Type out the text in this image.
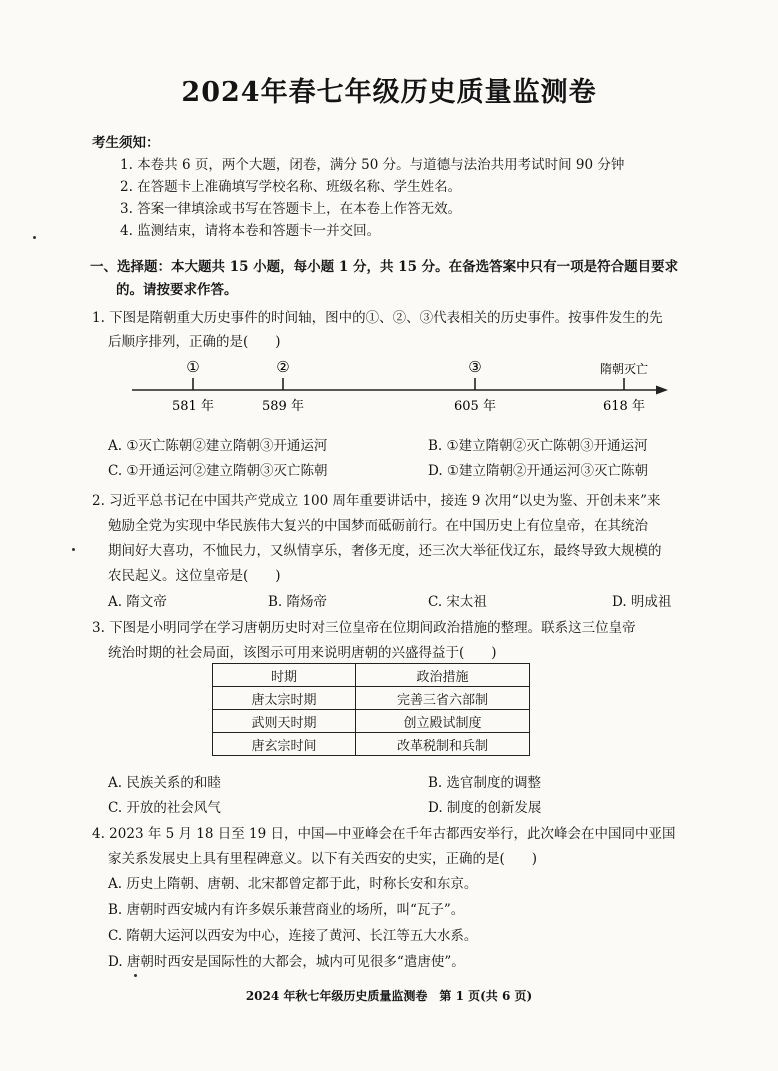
2024年春七年级历史质量监测卷
考生须知：
1. 本卷共 6 页，两个大题，闭卷，满分 50 分。与道德与法治共用考试时间 90 分钟
2. 在答题卡上准确填写学校名称、班级名称、学生姓名。
3. 答案一律填涂或书写在答题卡上，在本卷上作答无效。
4. 监测结束，请将本卷和答题卡一并交回。
一、选择题：本大题共 15 小题，每小题 1 分，共 15 分。在备选答案中只有一项是符合题目要求
的。请按要求作答。
1. 下图是隋朝重大历史事件的时间轴，图中的①、②、③代表相关的历史事件。按事件发生的先
后顺序排列，正确的是(　　)
①	②	③	隋朝灭亡
581 年	589 年	605 年	618 年
A. ①灭亡陈朝②建立隋朝③开通运河	B. ①建立隋朝②灭亡陈朝③开通运河
C. ①开通运河②建立隋朝③灭亡陈朝	D. ①建立隋朝②开通运河③灭亡陈朝
2. 习近平总书记在中国共产党成立 100 周年重要讲话中，接连 9 次用“以史为鉴、开创未来”来
勉励全党为实现中华民族伟大复兴的中国梦而砥砺前行。在中国历史上有位皇帝，在其统治
期间好大喜功，不恤民力，又纵情享乐，奢侈无度，还三次大举征伐辽东，最终导致大规模的
农民起义。这位皇帝是(　　)
A. 隋文帝	B. 隋炀帝	C. 宋太祖	D. 明成祖
3. 下图是小明同学在学习唐朝历史时对三位皇帝在位期间政治措施的整理。联系这三位皇帝
统治时期的社会局面，该图示可用来说明唐朝的兴盛得益于(　　)
时期	政治措施
唐太宗时期	完善三省六部制
武则天时期	创立殿试制度
唐玄宗时间	改革税制和兵制
A. 民族关系的和睦	B. 选官制度的调整
C. 开放的社会风气	D. 制度的创新发展
4. 2023 年 5 月 18 日至 19 日，中国—中亚峰会在千年古都西安举行，此次峰会在中国同中亚国
家关系发展史上具有里程碑意义。以下有关西安的史实，正确的是(　　)
A. 历史上隋朝、唐朝、北宋都曾定都于此，时称长安和东京。
B. 唐朝时西安城内有许多娱乐兼营商业的场所，叫“瓦子”。
C. 隋朝大运河以西安为中心，连接了黄河、长江等五大水系。
D. 唐朝时西安是国际性的大都会，城内可见很多“遣唐使”。
2024 年秋七年级历史质量监测卷　第 1 页(共 6 页)
